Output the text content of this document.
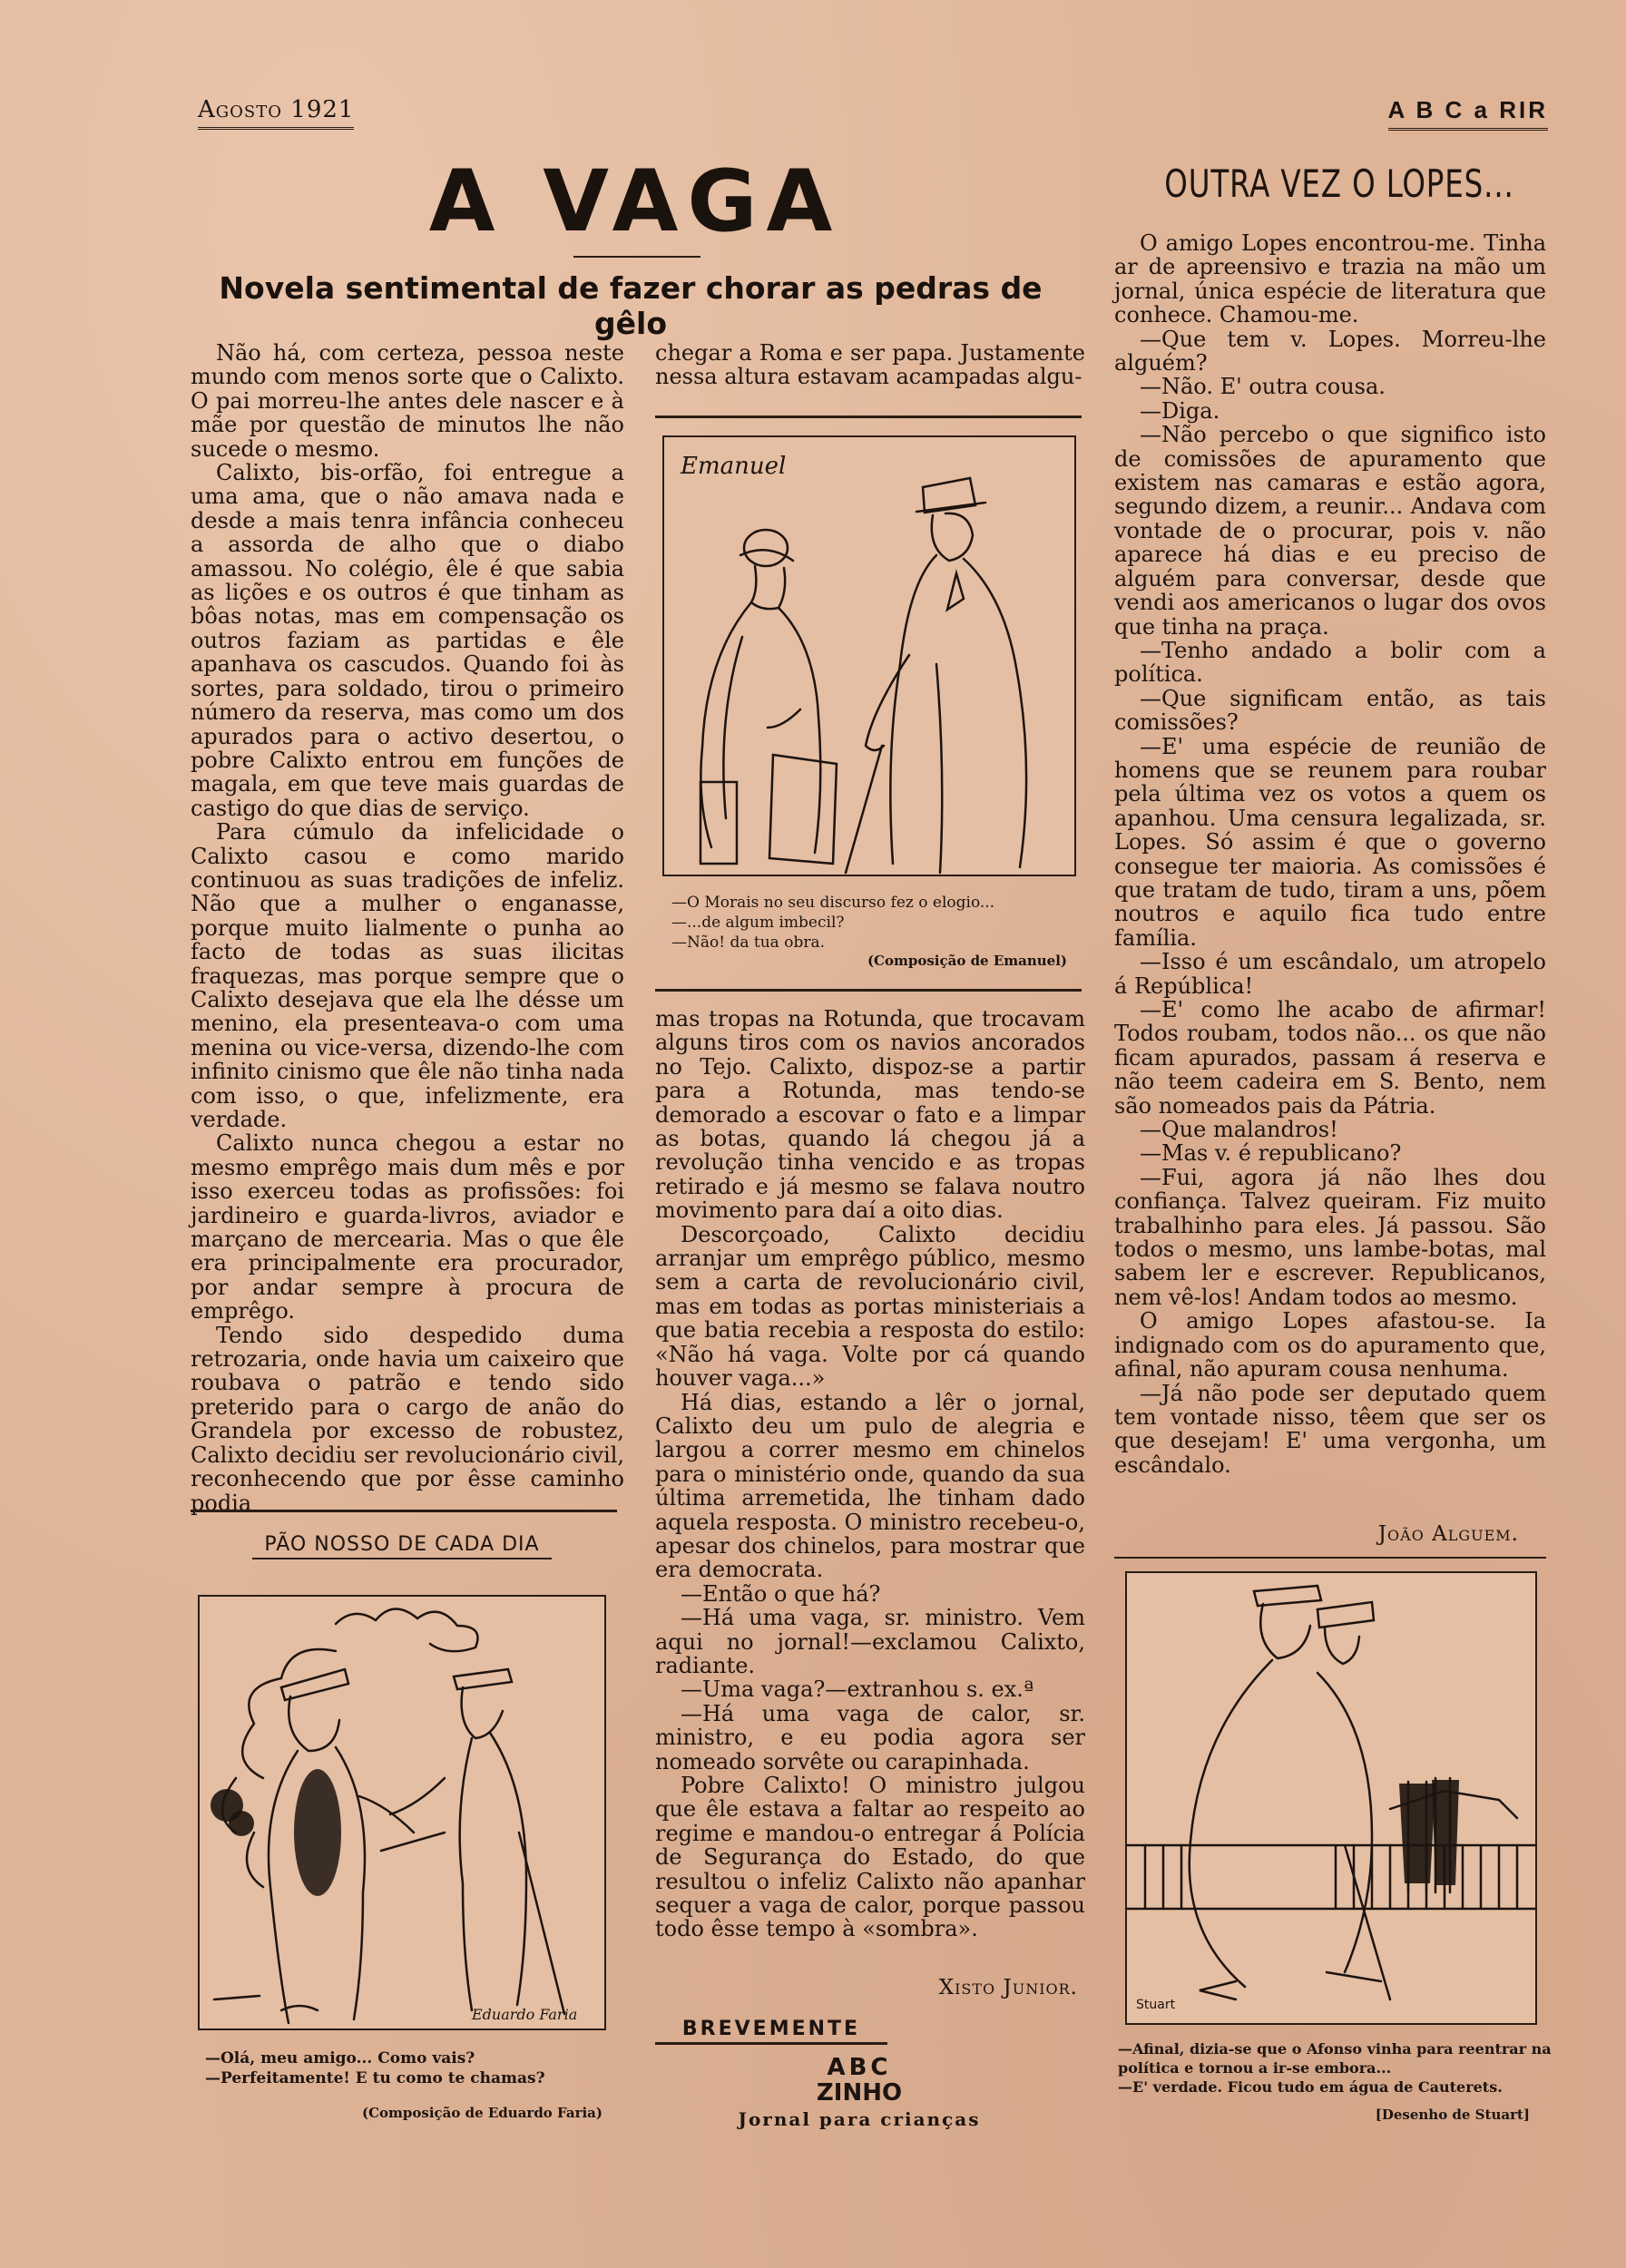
Agosto 1921	A B C a RIR
A VAGA
Novela sentimental de fazer chorar as pedras de gêlo

Não há, com certeza, pessoa neste mundo com menos sorte que o Calixto. O pai morreu-lhe antes dele nascer e à mãe por questão de minutos lhe não sucede o mesmo.

Calixto, bis-orfão, foi entregue a uma ama, que o não amava nada e desde a mais tenra infância conheceu a assorda de alho que o diabo amassou. No colégio, êle é que sabia as lições e os outros é que tinham as bôas notas, mas em compensação os outros faziam as partidas e êle apanhava os cascudos. Quando foi às sortes, para soldado, tirou o primeiro número da reserva, mas como um dos apurados para o activo desertou, o pobre Calixto entrou em funções de magala, em que teve mais guardas de castigo do que dias de serviço.

Para cúmulo da infelicidade o Calixto casou e como marido continuou as suas tradições de infeliz. Não que a mulher o enganasse, porque muito lialmente o punha ao facto de todas as suas ilicitas fraquezas, mas porque sempre que o Calixto desejava que ela lhe désse um menino, ela presenteava-o com uma menina ou vice-versa, dizendo-lhe com infinito cinismo que êle não tinha nada com isso, o que, infelizmente, era verdade.

Calixto nunca chegou a estar no mesmo emprêgo mais dum mês e por isso exerceu todas as profissões: foi jardineiro e guarda-livros, aviador e marçano de mercearia. Mas o que êle era principalmente era procurador, por andar sempre à procura de emprêgo.

Tendo sido despedido duma retrozaria, onde havia um caixeiro que roubava o patrão e tendo sido preterido para o cargo de anão do Grandela por excesso de robustez, Calixto decidiu ser revolucionário civil, reconhecendo que por êsse caminho podia

chegar a Roma e ser papa. Justamente nessa altura estavam acampadas algu-

Emanuel
—O Morais no seu discurso fez o elogio...
—...de algum imbecil?
—Não! da tua obra.
(Composição de Emanuel)

mas tropas na Rotunda, que trocavam alguns tiros com os navios ancorados no Tejo. Calixto, dispoz-se a partir para a Rotunda, mas tendo-se demorado a escovar o fato e a limpar as botas, quando lá chegou já a revolução tinha vencido e as tropas retirado e já mesmo se falava noutro movimento para daí a oito dias.

Descorçoado, Calixto decidiu arranjar um emprêgo público, mesmo sem a carta de revolucionário civil, mas em todas as portas ministeriais a que batia recebia a resposta do estilo: «Não há vaga. Volte por cá quando houver vaga...»

Há dias, estando a lêr o jornal, Calixto deu um pulo de alegria e largou a correr mesmo em chinelos para o ministério onde, quando da sua última arremetida, lhe tinham dado aquela resposta. O ministro recebeu-o, apesar dos chinelos, para mostrar que era democrata.

—Então o que há?

—Há uma vaga, sr. ministro. Vem aqui no jornal!—exclamou Calixto, radiante.

—Uma vaga?—extranhou s. ex.ª

—Há uma vaga de calor, sr. ministro, e eu podia agora ser nomeado sorvête ou carapinhada.

Pobre Calixto! O ministro julgou que êle estava a faltar ao respeito ao regime e mandou-o entregar á Polícia de Segurança do Estado, do que resultou o infeliz Calixto não apanhar sequer a vaga de calor, porque passou todo êsse tempo à «sombra».

Xisto Junior.
BREVEMENTE
ABC
ZINHO
Jornal para crianças
PÃO NOSSO DE CADA DIA
Eduardo Faria
—Olá, meu amigo... Como vais?
—Perfeitamente! E tu como te chamas?
(Composição de Eduardo Faria)
OUTRA VEZ O LOPES...

O amigo Lopes encontrou-me. Tinha ar de apreensivo e trazia na mão um jornal, única espécie de literatura que conhece. Chamou-me.

—Que tem v. Lopes. Morreu-lhe alguém?

—Não. E' outra cousa.

—Diga.

—Não percebo o que significo isto de comissões de apuramento que existem nas camaras e estão agora, segundo dizem, a reunir... Andava com vontade de o procurar, pois v. não aparece há dias e eu preciso de alguém para conversar, desde que vendi aos americanos o lugar dos ovos que tinha na praça.

—Tenho andado a bolir com a política.

—Que significam então, as tais comissões?

—E' uma espécie de reunião de homens que se reunem para roubar pela última vez os votos a quem os apanhou. Uma censura legalizada, sr. Lopes. Só assim é que o governo consegue ter maioria. As comissões é que tratam de tudo, tiram a uns, põem noutros e aquilo fica tudo entre família.

—Isso é um escândalo, um atropelo á República!

—E' como lhe acabo de afirmar! Todos roubam, todos não... os que não ficam apurados, passam á reserva e não teem cadeira em S. Bento, nem são nomeados pais da Pátria.

—Que malandros!

—Mas v. é republicano?

—Fui, agora já não lhes dou confiança. Talvez queiram. Fiz muito trabalhinho para eles. Já passou. São todos o mesmo, uns lambe-botas, mal sabem ler e escrever. Republicanos, nem vê-los! Andam todos ao mesmo.

O amigo Lopes afastou-se. Ia indignado com os do apuramento que, afinal, não apuram cousa nenhuma.

—Já não pode ser deputado quem tem vontade nisso, têem que ser os que desejam! E' uma vergonha, um escândalo.

João Alguem.
Stuart
—Afinal, dizia-se que o Afonso vinha para reentrar na política e tornou a ir-se embora...
—E' verdade. Ficou tudo em água de Cauterets.
[Desenho de Stuart]
